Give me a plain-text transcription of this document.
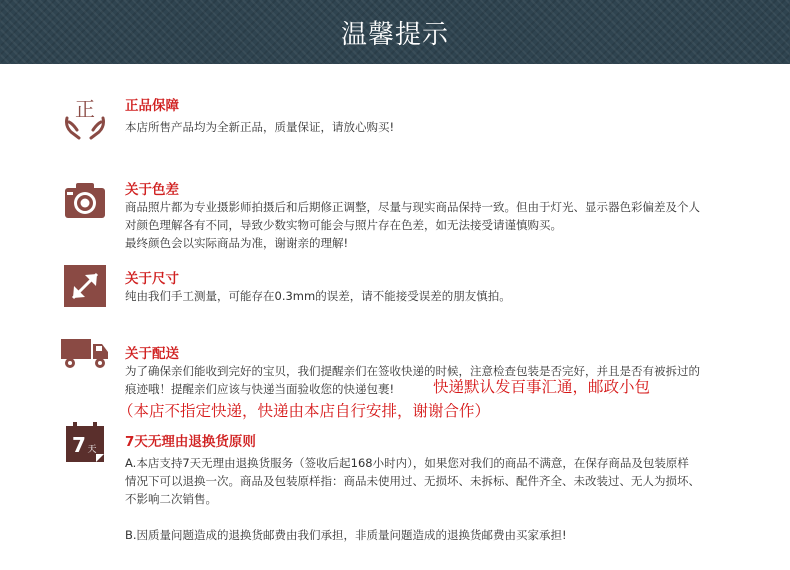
温馨提示
正 正品保障
本店所售产品均为全新正品，质量保证，请放心购买!
关于色差

商品照片都为专业摄影师拍摄后和后期修正调整，尽量与现实商品保持一致。但由于灯光、显示器色彩偏差及个人

对颜色理解各有不同，导致少数实物可能会与照片存在色差，如无法接受请谨慎购买。

最终颜色会以实际商品为准，谢谢亲的理解!

关于尺寸
纯由我们手工测量，可能存在0.3mm的误差，请不能接受误差的朋友慎拍。
关于配送

为了确保亲们能收到完好的宝贝，我们提醒亲们在签收快递的时候，注意检查包装是否完好，并且是否有被拆过的

痕迹哦！提醒亲们应该与快递当面验收您的快递包裹!	快递默认发百事汇通，邮政小包
（本店不指定快递，快递由本店自行安排，谢谢合作）
7 天 7天无理由退换货原则

A.本店支持7天无理由退换货服务（签收后起168小时内），如果您对我们的商品不满意，在保存商品及包装原样

情况下可以退换一次。商品及包装原样指：商品未使用过、无损坏、未拆标、配件齐全、未改装过、无人为损坏、

不影响二次销售。

B.因质量问题造成的退换货邮费由我们承担，非质量问题造成的退换货邮费由买家承担!
